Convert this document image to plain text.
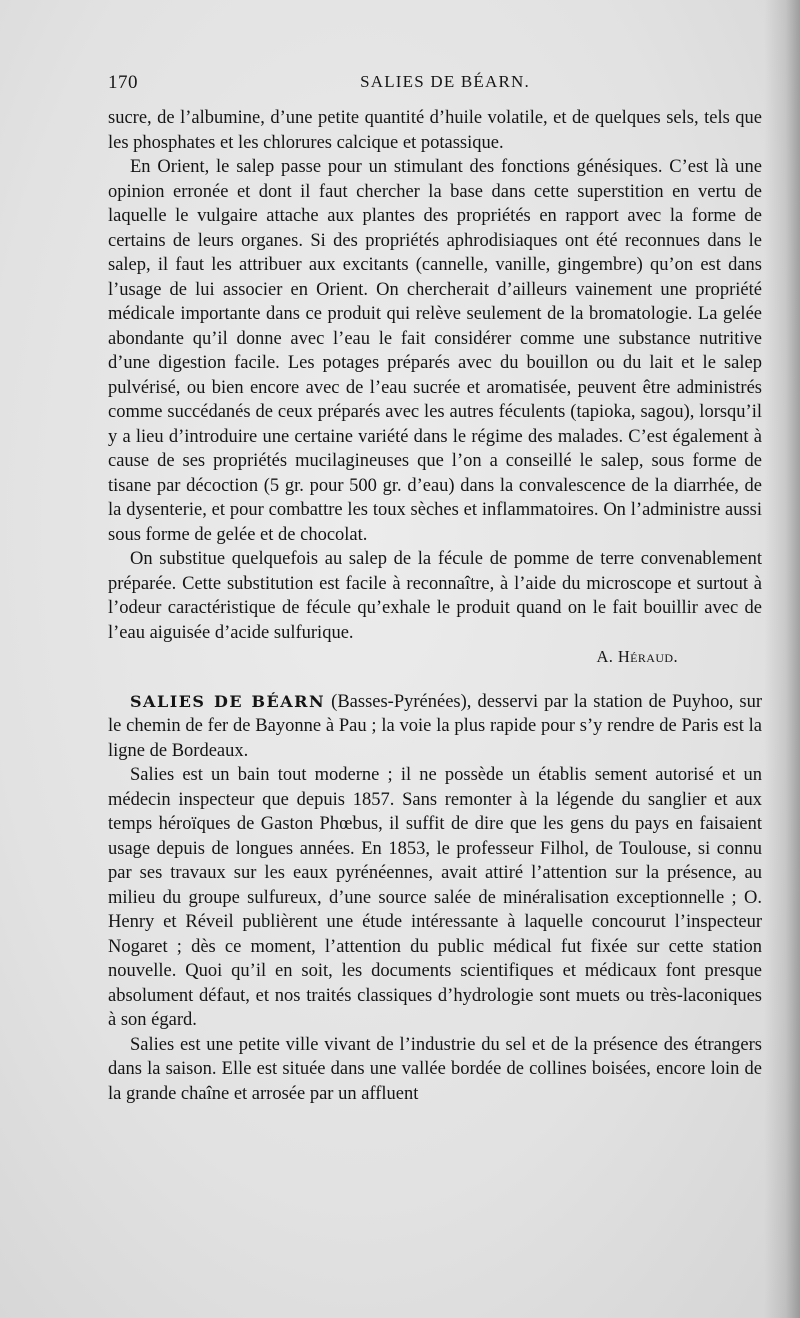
170	SALIES DE BÉARN.

sucre, de l’albumine, d’une petite quantité d’huile volatile, et de quelques sels, tels que les phosphates et les chlorures calcique et potassique.

En Orient, le salep passe pour un stimulant des fonctions génésiques. C’est là une opinion erronée et dont il faut chercher la base dans cette superstition en vertu de laquelle le vulgaire attache aux plantes des propriétés en rapport avec la forme de certains de leurs organes. Si des propriétés aphrodisiaques ont été reconnues dans le salep, il faut les attribuer aux excitants (cannelle, vanille, gingembre) qu’on est dans l’usage de lui associer en Orient. On chercherait d’ailleurs vainement une propriété médicale importante dans ce produit qui relève seulement de la bromatologie. La gelée abondante qu’il donne avec l’eau le fait considérer comme une substance nutritive d’une digestion facile. Les potages préparés avec du bouillon ou du lait et le salep pulvérisé, ou bien encore avec de l’eau sucrée et aromatisée, peuvent être administrés comme succédanés de ceux préparés avec les autres féculents (tapioka, sagou), lorsqu’il y a lieu d’introduire une certaine variété dans le régime des malades. C’est également à cause de ses propriétés mucilagineuses que l’on a conseillé le salep, sous forme de tisane par décoction (5 gr. pour 500 gr. d’eau) dans la convalescence de la diarrhée, de la dysenterie, et pour combattre les toux sèches et inflammatoires. On l’administre aussi sous forme de gelée et de chocolat.

On substitue quelquefois au salep de la fécule de pomme de terre convenablement préparée. Cette substitution est facile à reconnaître, à l’aide du microscope et surtout à l’odeur caractéristique de fécule qu’exhale le produit quand on le fait bouillir avec de l’eau aiguisée d’acide sulfurique.

A. Héraud.

SALIES DE BÉARN (Basses-Pyrénées), desservi par la station de Puyhoo, sur le chemin de fer de Bayonne à Pau ; la voie la plus rapide pour s’y rendre de Paris est la ligne de Bordeaux.

Salies est un bain tout moderne ; il ne possède un établis sement autorisé et un médecin inspecteur que depuis 1857. Sans remonter à la légende du sanglier et aux temps héroïques de Gaston Phœbus, il suffit de dire que les gens du pays en faisaient usage depuis de longues années. En 1853, le professeur Filhol, de Toulouse, si connu par ses travaux sur les eaux pyrénéennes, avait attiré l’attention sur la présence, au milieu du groupe sulfureux, d’une source salée de minéralisation exceptionnelle ; O. Henry et Réveil publièrent une étude intéressante à laquelle concourut l’inspecteur Nogaret ; dès ce moment, l’attention du public médical fut fixée sur cette station nouvelle. Quoi qu’il en soit, les documents scientifiques et médicaux font presque absolument défaut, et nos traités classiques d’hydrologie sont muets ou très-laconiques à son égard.

Salies est une petite ville vivant de l’industrie du sel et de la présence des étrangers dans la saison. Elle est située dans une vallée bordée de collines boisées, encore loin de la grande chaîne et arrosée par un affluent
